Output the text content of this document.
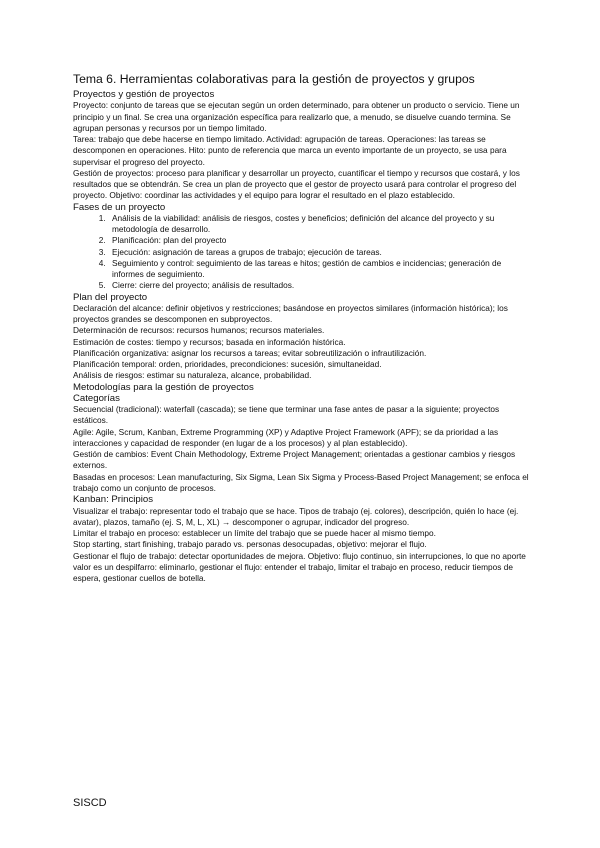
Tema 6. Herramientas colaborativas para la gestión de proyectos y grupos
Proyectos y gestión de proyectos
Proyecto: conjunto de tareas que se ejecutan según un orden determinado, para obtener un producto o servicio. Tiene un principio y un final. Se crea una organización específica para realizarlo que, a menudo, se disuelve cuando termina. Se agrupan personas y recursos por un tiempo limitado.
Tarea: trabajo que debe hacerse en tiempo limitado. Actividad: agrupación de tareas. Operaciones: las tareas se descomponen en operaciones. Hito: punto de referencia que marca un evento importante de un proyecto, se usa para supervisar el progreso del proyecto.
Gestión de proyectos: proceso para planificar y desarrollar un proyecto, cuantificar el tiempo y recursos que costará, y los resultados que se obtendrán. Se crea un plan de proyecto que el gestor de proyecto usará para controlar el progreso del proyecto. Objetivo: coordinar las actividades y el equipo para lograr el resultado en el plazo establecido.
Fases de un proyecto
1. Análisis de la viabilidad: análisis de riesgos, costes y beneficios; definición del alcance del proyecto y su metodología de desarrollo.
2. Planificación: plan del proyecto
3. Ejecución: asignación de tareas a grupos de trabajo; ejecución de tareas.
4. Seguimiento y control: seguimiento de las tareas e hitos; gestión de cambios e incidencias; generación de informes de seguimiento.
5. Cierre: cierre del proyecto; análisis de resultados.
Plan del proyecto
Declaración del alcance: definir objetivos y restricciones; basándose en proyectos similares (información histórica); los proyectos grandes se descomponen en subproyectos.
Determinación de recursos: recursos humanos; recursos materiales.
Estimación de costes: tiempo y recursos; basada en información histórica.
Planificación organizativa: asignar los recursos a tareas; evitar sobreutilización o infrautilización.
Planificación temporal: orden, prioridades, precondiciones: sucesión, simultaneidad.
Análisis de riesgos: estimar su naturaleza, alcance, probabilidad.
Metodologías para la gestión de proyectos
Categorías
Secuencial (tradicional): waterfall (cascada); se tiene que terminar una fase antes de pasar a la siguiente; proyectos estáticos.
Agile: Agile, Scrum, Kanban, Extreme Programming (XP) y Adaptive Project Framework (APF); se da prioridad a las interacciones y capacidad de responder (en lugar de a los procesos) y al plan establecido).
Gestión de cambios: Event Chain Methodology, Extreme Project Management; orientadas a gestionar cambios y riesgos externos.
Basadas en procesos: Lean manufacturing, Six Sigma, Lean Six Sigma y Process-Based Project Management; se enfoca el trabajo como un conjunto de procesos.
Kanban: Principios
Visualizar el trabajo: representar todo el trabajo que se hace. Tipos de trabajo (ej. colores), descripción, quién lo hace (ej. avatar), plazos, tamaño (ej. S, M, L, XL) → descomponer o agrupar, indicador del progreso.
Limitar el trabajo en proceso: establecer un límite del trabajo que se puede hacer al mismo tiempo.
Stop starting, start finishing, trabajo parado vs. personas desocupadas, objetivo: mejorar el flujo.
Gestionar el flujo de trabajo: detectar oportunidades de mejora. Objetivo: flujo continuo, sin interrupciones, lo que no aporte valor es un despilfarro: eliminarlo, gestionar el flujo: entender el trabajo, limitar el trabajo en proceso, reducir tiempos de espera, gestionar cuellos de botella.
SISCD
